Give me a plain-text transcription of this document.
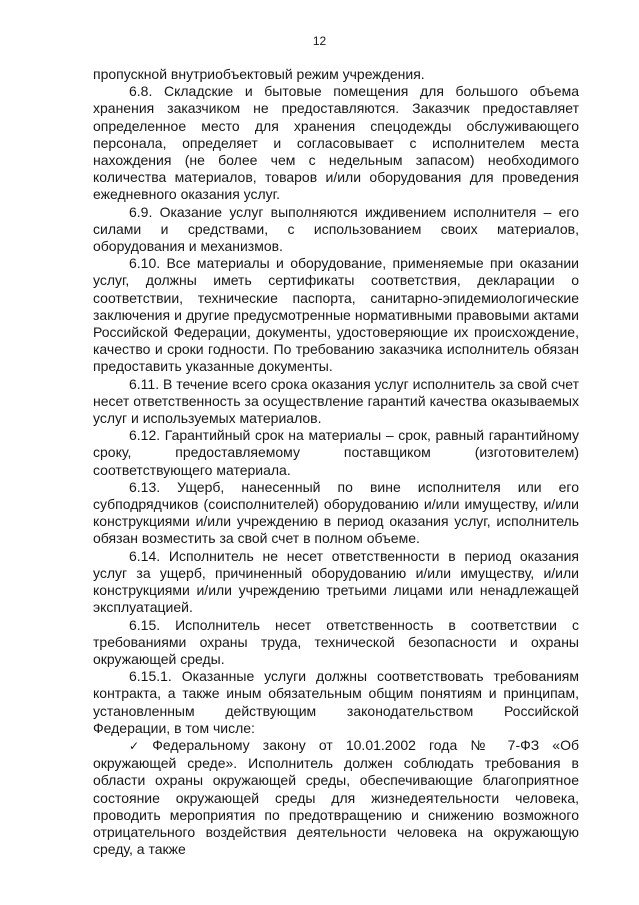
12

пропускной внутриобъектовый режим учреждения.

6.8. Складские и бытовые помещения для большого объема хранения заказчиком не предоставляются. Заказчик предоставляет определенное место для хранения спецодежды обслуживающего персонала, определяет и согласовывает с исполнителем места нахождения (не более чем с недельным запасом) необходимого количества материалов, товаров и/или оборудования для проведения ежедневного оказания услуг.

6.9. Оказание услуг выполняются иждивением исполнителя – его силами и средствами, с использованием своих материалов, оборудования и механизмов.

6.10. Все материалы и оборудование, применяемые при оказании услуг, должны иметь сертификаты соответствия, декларации о соответствии, технические паспорта, санитарно-эпидемиологические заключения и другие предусмотренные нормативными правовыми актами Российской Федерации, документы, удостоверяющие их происхождение, качество и сроки годности. По требованию заказчика исполнитель обязан предоставить указанные документы.

6.11. В течение всего срока оказания услуг исполнитель за свой счет несет ответственность за осуществление гарантий качества оказываемых услуг и используемых материалов.

6.12. Гарантийный срок на материалы – срок, равный гарантийному сроку, предоставляемому поставщиком (изготовителем) соответствующего материала.

6.13. Ущерб, нанесенный по вине исполнителя или его субподрядчиков (соисполнителей) оборудованию и/или имуществу, и/или конструкциями и/или учреждению в период оказания услуг, исполнитель обязан возместить за свой счет в полном объеме.

6.14. Исполнитель не несет ответственности в период оказания услуг за ущерб, причиненный оборудованию и/или имуществу, и/или конструкциями и/или учреждению третьими лицами или ненадлежащей эксплуатацией.

6.15. Исполнитель несет ответственность в соответствии с требованиями охраны труда, технической безопасности и охраны окружающей среды.

6.15.1. Оказанные услуги должны соответствовать требованиям контракта, а также иным обязательным общим понятиям и принципам, установленным действующим законодательством Российской Федерации, в том числе:

✓ Федеральному закону от 10.01.2002 года № 7-ФЗ «Об окружающей среде». Исполнитель должен соблюдать требования в области охраны окружающей среды, обеспечивающие благоприятное состояние окружающей среды для жизнедеятельности человека, проводить мероприятия по предотвращению и снижению возможного отрицательного воздействия деятельности человека на окружающую среду, а также
